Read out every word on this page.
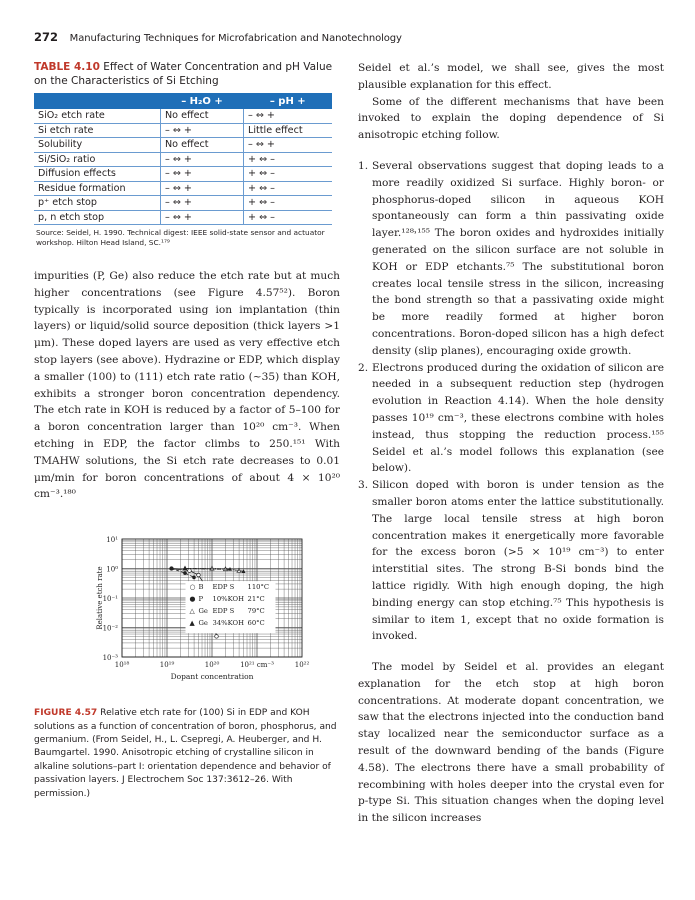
272 Manufacturing Techniques for Microfabrication and Nanotechnology
TABLE 4.10 Effect of Water Concentration and pH Value on the Characteristics of Si Etching
	– H₂O +	– pH +
SiO₂ etch rate	No effect	– ⇔ +
Si etch rate	– ⇔ +	Little effect
Solubility	No effect	– ⇔ +
Si/SiO₂ ratio	– ⇔ +	+ ⇔ –
Diffusion effects	– ⇔ +	+ ⇔ –
Residue formation	– ⇔ +	+ ⇔ –
p⁺ etch stop	– ⇔ +	+ ⇔ –
p, n etch stop	– ⇔ +	+ ⇔ –
Source: Seidel, H. 1990. Technical digest: IEEE solid-state sensor and actuator workshop. Hilton Head Island, SC.¹⁷⁹

impurities (P, Ge) also reduce the etch rate but at much higher concentrations (see Figure 4.57⁵²). Boron typically is incorporated using ion implantation (thin layers) or liquid/solid source deposition (thick layers >1 μm). These doped layers are used as very effective etch stop layers (see above). Hydrazine or EDP, which display a smaller (100) to (111) etch rate ratio (~35) than KOH, exhibits a stronger boron concentration dependency. The etch rate in KOH is reduced by a factor of 5–100 for a boron concentration larger than 10²⁰ cm⁻³. When etching in EDP, the factor climbs to 250.¹⁵¹ With TMAHW solutions, the Si etch rate decreases to 0.01 μm/min for boron concentrations of about 4 × 10²⁰ cm⁻³.¹⁸⁰

10¹
10⁰
10⁻¹
10⁻²
10⁻³
10¹⁸	10¹⁹	10²⁰	10²¹ cm⁻³	10²²
Dopant concentration
Relative etch rate	○ B EDP S 110°C
● P 10%KOH 21°C
△ Ge EDP S 79°C
▲ Ge 34%KOH 60°C
FIGURE 4.57 Relative etch rate for (100) Si in EDP and KOH solutions as a function of concentration of boron, phosphorus, and germanium. (From Seidel, H., L. Csepregi, A. Heuberger, and H. Baumgartel. 1990. Anisotropic etching of crystalline silicon in alkaline solutions–part I: orientation dependence and behavior of passivation layers. J Electrochem Soc 137:3612–26. With permission.)

Seidel et al.’s model, we shall see, gives the most plausible explanation for this effect.

Some of the different mechanisms that have been invoked to explain the doping dependence of Si anisotropic etching follow.

1. Several observations suggest that doping leads to a more readily oxidized Si surface. Highly boron- or phosphorus-doped silicon in aqueous KOH spontaneously can form a thin passivating oxide layer.¹²⁸˒¹⁵⁵ The boron oxides and hydroxides initially generated on the silicon surface are not soluble in KOH or EDP etchants.⁷⁵ The substitutional boron creates local tensile stress in the silicon, increasing the bond strength so that a passivating oxide might be more readily formed at higher boron concentrations. Boron-doped silicon has a high defect density (slip planes), encouraging oxide growth.
2. Electrons produced during the oxidation of silicon are needed in a subsequent reduction step (hydrogen evolution in Reaction 4.14). When the hole density passes 10¹⁹ cm⁻³, these electrons combine with holes instead, thus stopping the reduction process.¹⁵⁵ Seidel et al.’s model follows this explanation (see below).
3. Silicon doped with boron is under tension as the smaller boron atoms enter the lattice substitutionally. The large local tensile stress at high boron concentration makes it energetically more favorable for the excess boron (>5 × 10¹⁹ cm⁻³) to enter interstitial sites. The strong B-Si bonds bind the lattice rigidly. With high enough doping, the high binding energy can stop etching.⁷⁵ This hypothesis is similar to item 1, except that no oxide formation is invoked.

The model by Seidel et al. provides an elegant explanation for the etch stop at high boron concentrations. At moderate dopant concentration, we saw that the electrons injected into the conduction band stay localized near the semiconductor surface as a result of the downward bending of the bands (Figure 4.58). The electrons there have a small probability of recombining with holes deeper into the crystal even for p-type Si. This situation changes when the doping level in the silicon increases
